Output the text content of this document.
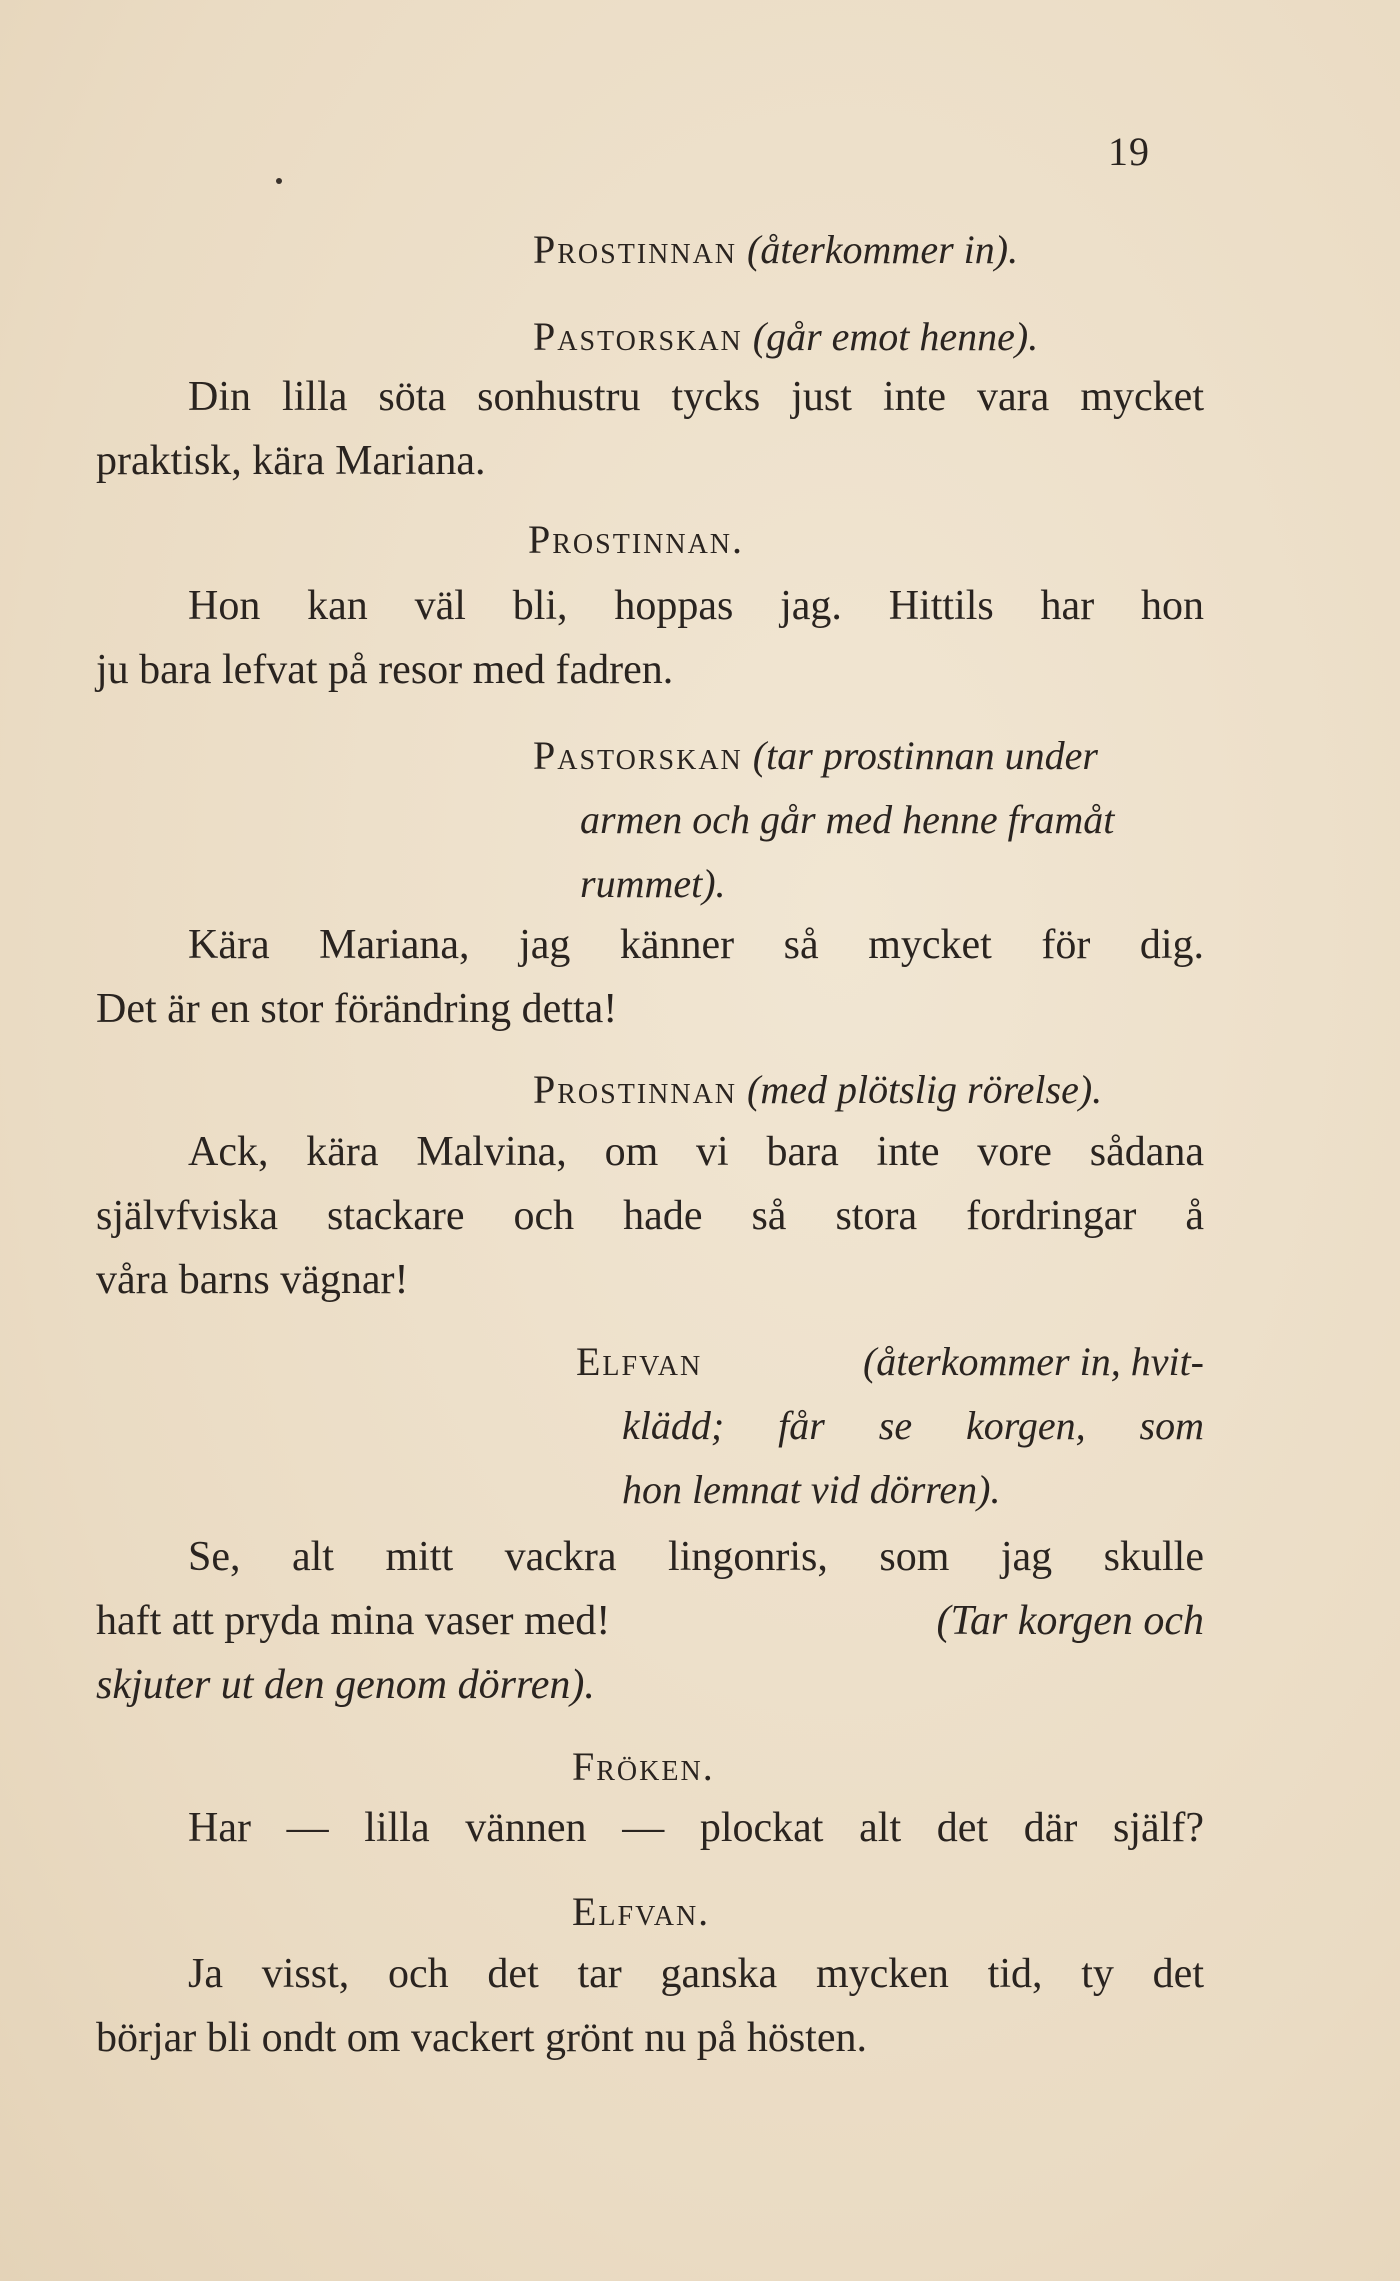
19
Prostinnan (återkommer in).
Pastorskan (går emot henne).
Din lilla söta sonhustru tycks just inte vara mycket
praktisk, kära Mariana.
Prostinnan.
Hon kan väl bli, hoppas jag. Hittils har hon
ju bara lefvat på resor med fadren.
Pastorskan (tar prostinnan under
armen och går med henne framåt
rummet).
Kära Mariana, jag känner så mycket för dig.
Det är en stor förändring detta!
Prostinnan (med plötslig rörelse).
Ack, kära Malvina, om vi bara inte vore sådana
självfviska stackare och hade så stora fordringar å
våra barns vägnar!
Elfvan	(återkommer in, hvit-
klädd; får se korgen, som
hon lemnat vid dörren).
Se, alt mitt vackra lingonris, som jag skulle
haft att pryda mina vaser med!	(Tar korgen och
skjuter ut den genom dörren).
Fröken.
Har — lilla vännen — plockat alt det där själf?
Elfvan.
Ja visst, och det tar ganska mycken tid, ty det
börjar bli ondt om vackert grönt nu på hösten.
